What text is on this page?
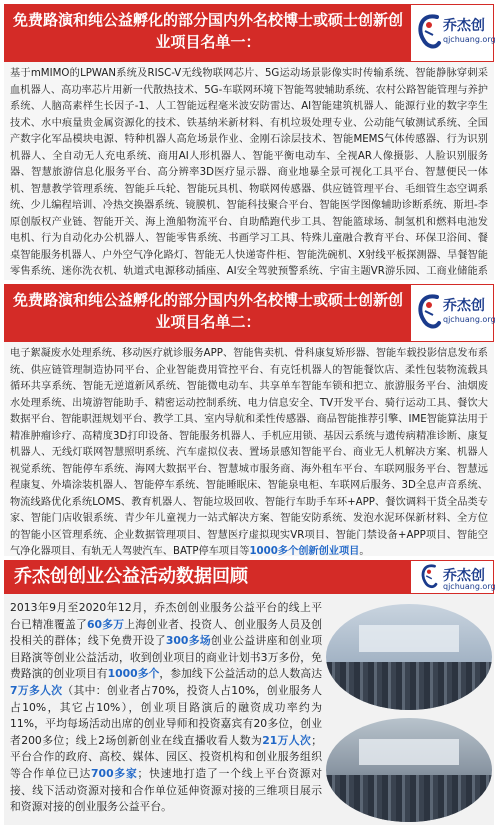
免费路演和纯公益孵化的部分国内外名校博士或硕士创新创业项目名单一：
乔杰创
qjchuang.org
基于mMIMO的LPWAN系统及RISC-V无线物联网芯片、5G运动场景影像实时传输系统、智能静脉穿刺采血机器人、高功率芯片用新一代散热技术、5G-车联网环境下智能驾驶辅助系统、农村公路智能管理与养护系统、人脑高素样生长因子-1、人工智能远程毫米波安防雷达、AI智能建筑机器人、能源行业的数字孪生技术、水中痕量贵金属资源化的技术、铁基纳米新材料、有机垃圾处理专业、公动能气敏测试系统、全国产数字化军品模块电源、特种机器人高危场景作业、金刚石涂层技术、智能MEMS气体传感器、行为识别机器人、全自动无人充电系统、商用AI人形机器人、智能平衡电动车、全视AR人像摄影、人脸识别服务器、智慧旅游信息化服务平台、高分辨率3D医疗显示器、商业地暴全景可视化工具平台、智慧便民一体机、智慧教学管理系统、智能乒乓轮、智能玩具机、物联网传感器、供应链管理平台、毛细管生态空调系统、少儿编程培训、冷热交换器系统、镜膜机、智能科技聚合平台、智能医学图像辅助诊断系统、斯坦-李原创版权产业链、智能开关、海上渔船物流平台、自助酷跑代步工具、智能篮球场、制氢机和燃料电池发电机、行为自动化办公机器人、智能零售系统、书画学习工具、特殊儿童融合教育平台、环保卫浴间、餐桌智能服务机器人、户外空气净化路灯、智能无人快递寄件柜、智能洗碗机、X射线平板探测器、旱餐智能零售系统、迷你洗衣机、轨道式电源移动插座、AI安全驾驶预警系统、宇宙主题VR游乐园、工商业储能系
免费路演和纯公益孵化的部分国内外名校博士或硕士创新创业项目名单二：
乔杰创
qjchuang.org
电子絮凝废水处理系统、移动医疗就诊服务APP、智能售卖机、骨科康复矫形器、智能车载投影信息发布系统、供应链管理制造协同平台、企业智能费用管控平台、有克饪机器人的智能餐饮店、柔性包装物流载具循环共享系统、智能无逆道新风系统、智能微电动车、共享单车智能车锁和把立、旅游服务平台、油烟废水处理系统、出境游智能助手、精密运动控制系统、电力信息安全、TV开发平台、骑行运动工具、餐饮大数据平台、智能职涯规划平台、教学工具、室内导航和柔性传感器、商品智能推荐引擎、IME智能算法用于精准肿瘤诊疗、高精度3D打印设备、智能服务机器人、手机应用锁、基因云系统与遗传病精准诊断、康复机器人、无线灯联网智慧照明系统、汽车虚拟仪表、置场景感知智能平台、商业无人机解决方案、机器人视觉系统、智能停车系统、海网大数据平台、智慧城市服务商、海外租车平台、车联网服务平台、智慧远程康复、外墙涂装机器人、智能停车系统、智能睡眠床、智能泉电柜、车联网后服务、3D全息声音系统、物流线路优化系统LOMS、教育机器人、智能垃圾回收、智能行车助手车环+APP、餐饮调料干货全品类专家、智能门店收银系统、青少年儿童视力一站式解决方案、智能安防系统、发泡水泥环保新材料、全方位的智能小区管理系统、企业数据管理项目、智慧医疗虚拟现实VR项目、智能门禁设备+APP项目、智能空气净化器项目、有轨无人驾驶汽车、BATP停车项目等1000多个创新创业项目。

乔杰创创业公益活动数据回顾	乔杰创
qjchuang.org
2013年9月至2020年12月，乔杰创创业服务公益平台的线上平台已精准覆盖了60多万上海创业者、投资人、创业服务人员及创投相关的群体；线下免费开设了300多场创业公益讲座和创业项目路演等创业公益活动，收到创业项目的商业计划书3万多份，免费路演的创业项目有1000多个，参加线下公益活动的总人数高达7万多人次（其中：创业者占70%，投资人占10%，创业服务人占10%，其它占10%），创业项目路演后的融资成功率约为11%，平均每场活动出席的创业导师和投资嘉宾有20多位，创业者200多位；线上2场创新创业在线直播收看人数为21万人次；平台合作的政府、高校、媒体、园区、投资机构和创业服务组织等合作单位已达700多家；快速地打造了一个线上平台资源对接、线下活动资源对接和合作单位延伸资源对接的三维项目展示和资源对接的创业服务公益平台。
